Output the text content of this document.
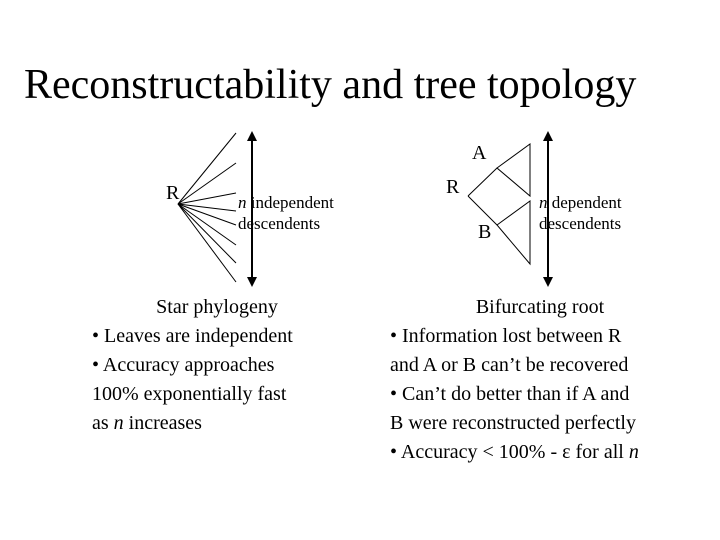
Reconstructability and tree topology
R	n independent
descendents
R
A
B
n dependent
descendents
Star phylogeny
• Leaves are independent
• Accuracy approaches
100% exponentially fast
as n increases
Bifurcating root
• Information lost between R
and A or B can’t be recovered
• Can’t do better than if A and
B were reconstructed perfectly
• Accuracy < 100% - ε for all n
